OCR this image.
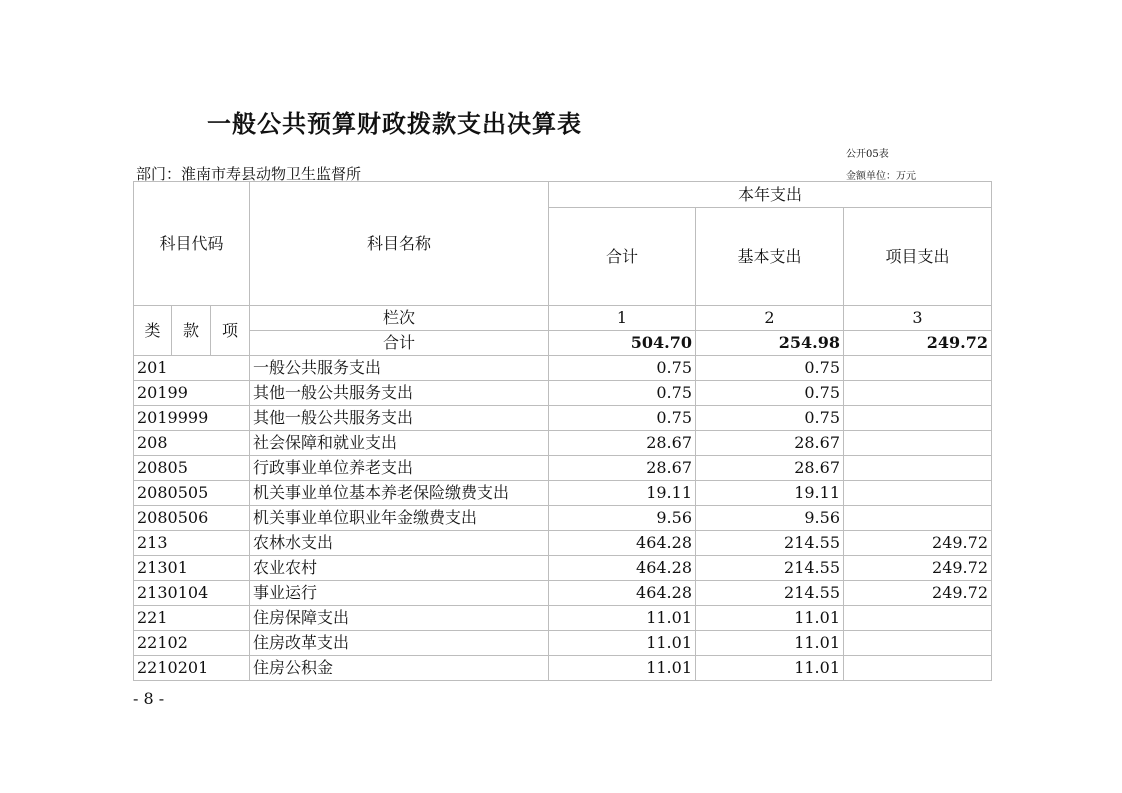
一般公共预算财政拨款支出决算表
公开05表
部门：淮南市寿县动物卫生监督所	金额单位：万元
科目代码			科目名称	本年支出		
				合计	基本支出	项目支出
类	款	项	栏次	1	2	3
			合计	504.70	254.98	249.72
201			一般公共服务支出	0.75	0.75	
20199			其他一般公共服务支出	0.75	0.75	
2019999			其他一般公共服务支出	0.75	0.75	
208			社会保障和就业支出	28.67	28.67	
20805			行政事业单位养老支出	28.67	28.67	
2080505			机关事业单位基本养老保险缴费支出	19.11	19.11	
2080506			机关事业单位职业年金缴费支出	9.56	9.56	
213			农林水支出	464.28	214.55	249.72
21301			农业农村	464.28	214.55	249.72
2130104			事业运行	464.28	214.55	249.72
221			住房保障支出	11.01	11.01	
22102			住房改革支出	11.01	11.01	
2210201			住房公积金	11.01	11.01	
- 8 -
